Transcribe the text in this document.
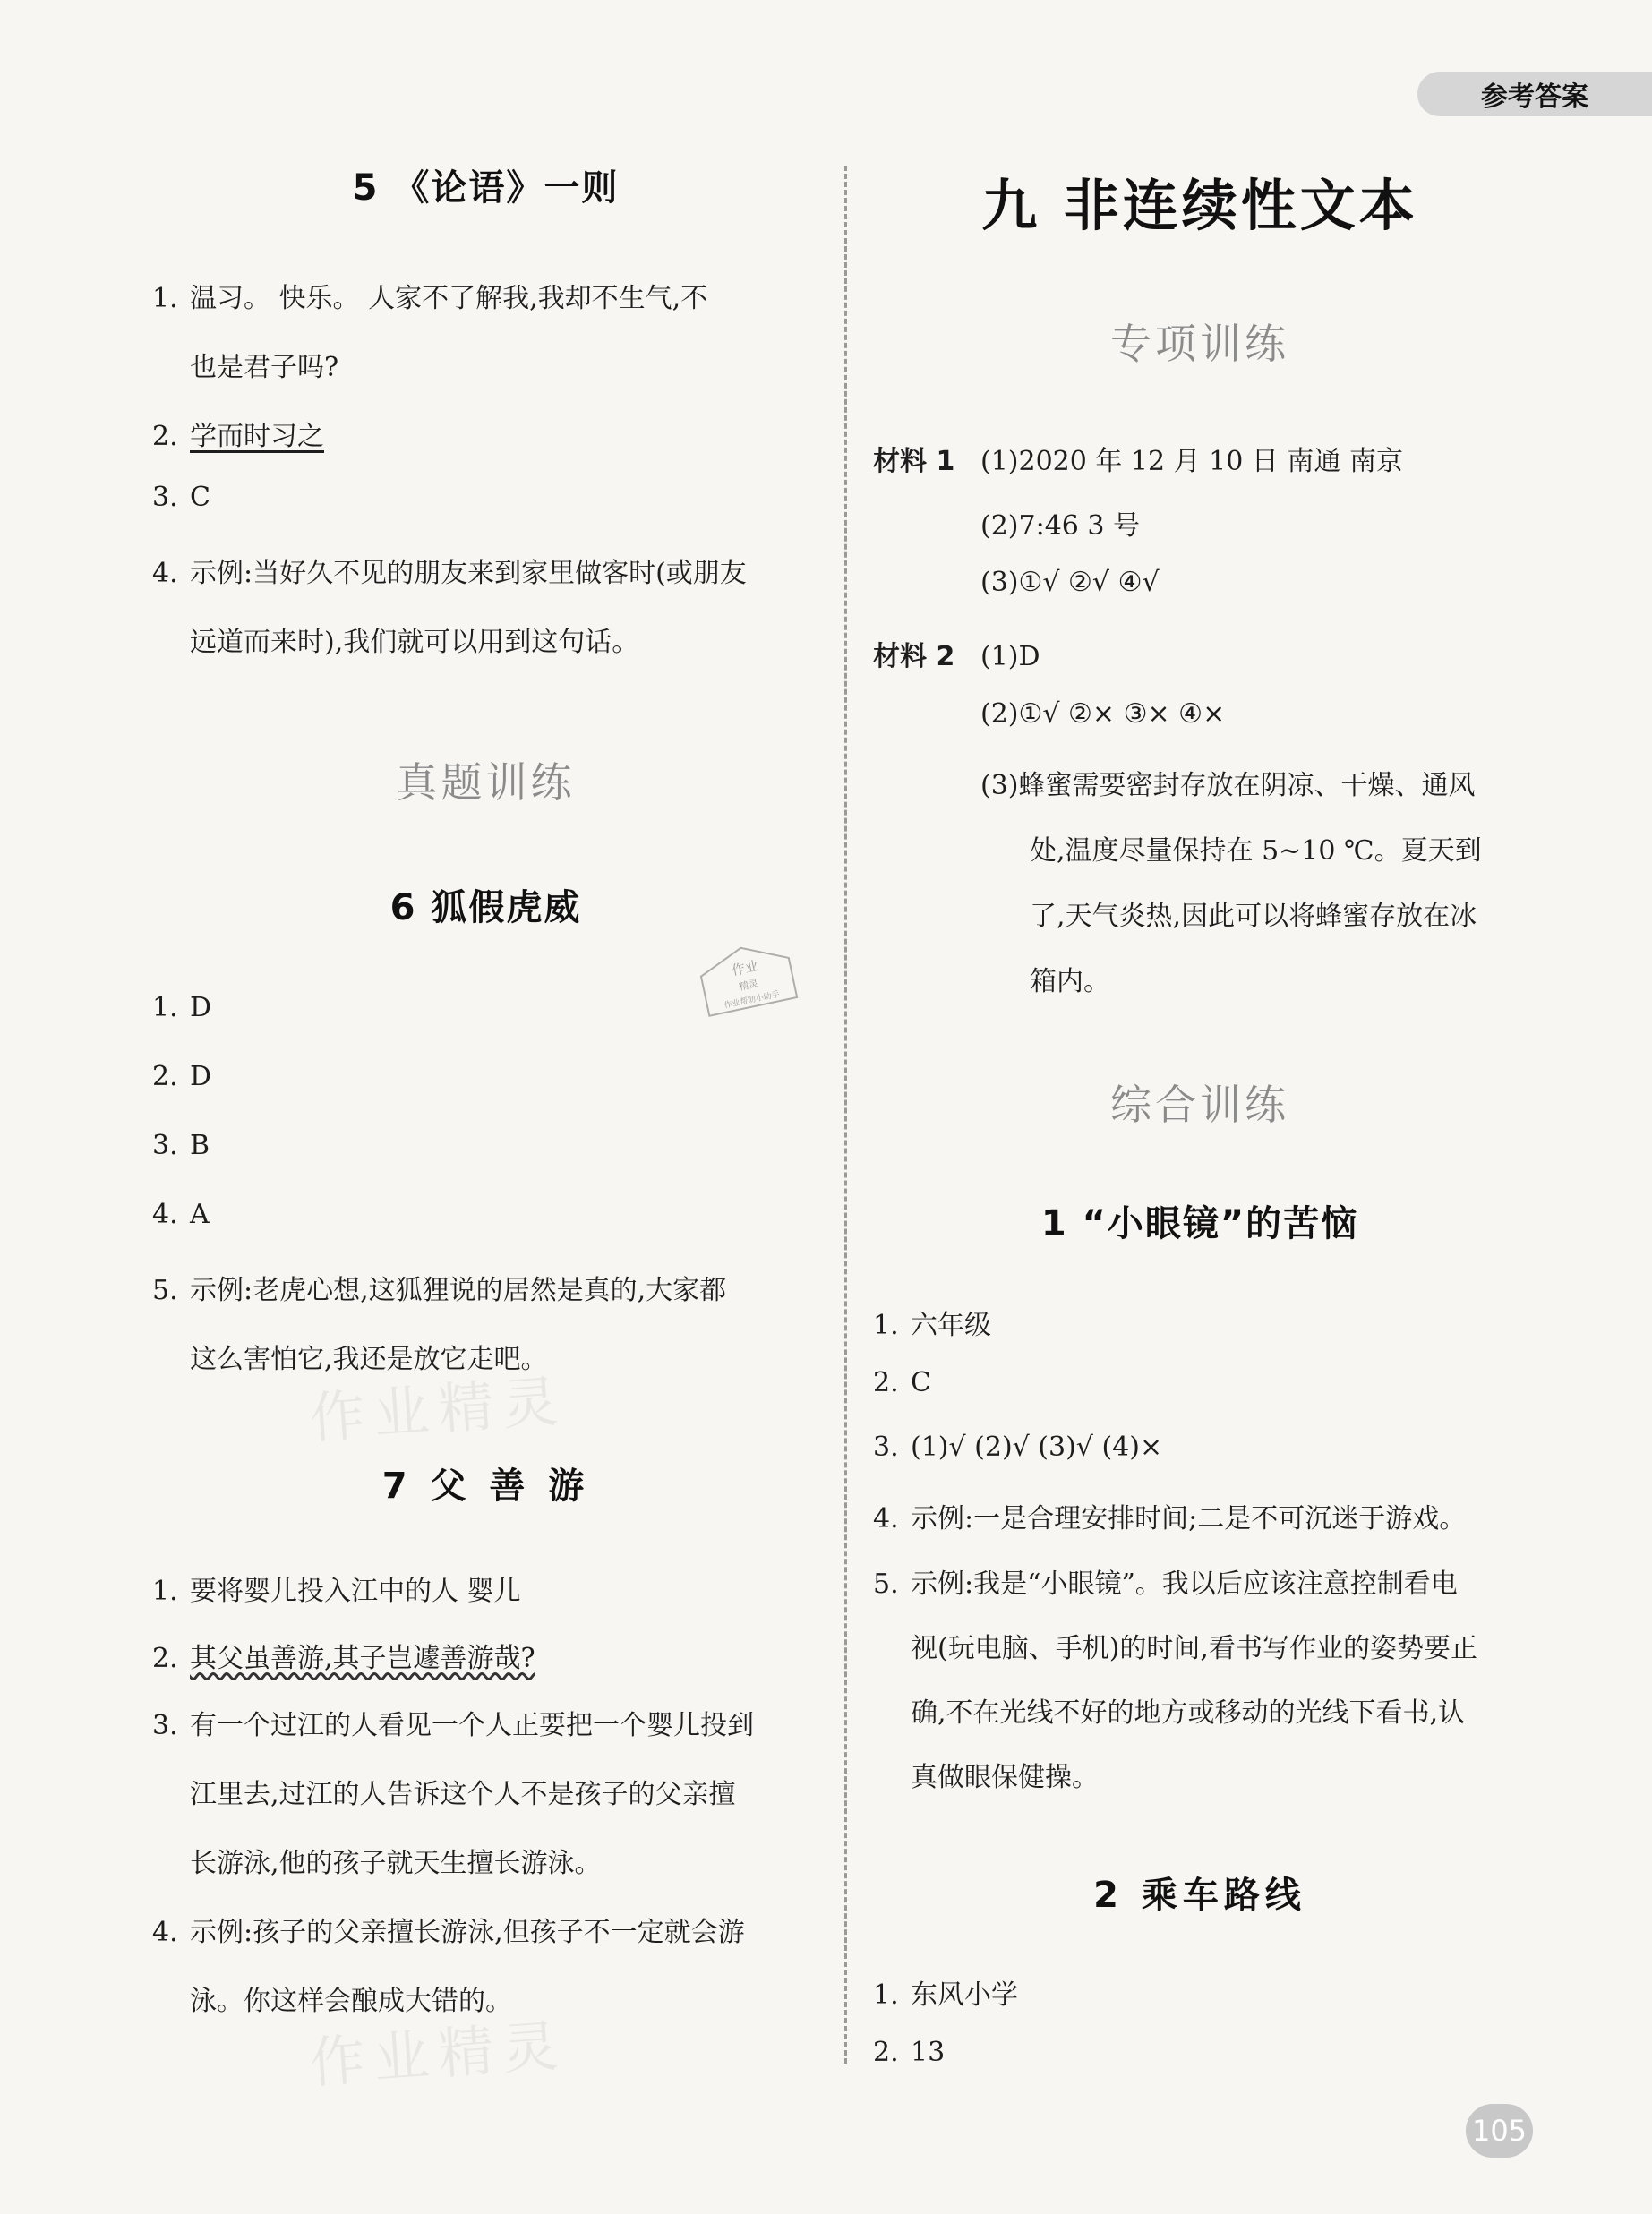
参考答案
5 《论语》一则
1. 温习。 快乐。 人家不了解我,我却不生气,不
也是君子吗?
2. 学而时习之
3. C
4. 示例:当好久不见的朋友来到家里做客时(或朋友
远道而来时),我们就可以用到这句话。
真题训练
6 狐假虎威
1. D
2. D
3. B
4. A
5. 示例:老虎心想,这狐狸说的居然是真的,大家都
这么害怕它,我还是放它走吧。
7 父 善 游
1. 要将婴儿投入江中的人 婴儿
2. 其父虽善游,其子岂遽善游哉?
3. 有一个过江的人看见一个人正要把一个婴儿投到
江里去,过江的人告诉这个人不是孩子的父亲擅
长游泳,他的孩子就天生擅长游泳。
4. 示例:孩子的父亲擅长游泳,但孩子不一定就会游
泳。你这样会酿成大错的。
九 非连续性文本
专项训练
材料 1 (1)2020 年 12 月 10 日 南通 南京
(2)7:46 3 号
(3)①√ ②√ ④√
材料 2 (1)D
(2)①√ ②× ③× ④×
(3)蜂蜜需要密封存放在阴凉、干燥、通风
处,温度尽量保持在 5~10 ℃。夏天到
了,天气炎热,因此可以将蜂蜜存放在冰
箱内。
综合训练
1 “小眼镜”的苦恼
1. 六年级
2. C
3. (1)√ (2)√ (3)√ (4)×
4. 示例:一是合理安排时间;二是不可沉迷于游戏。
5. 示例:我是“小眼镜”。我以后应该注意控制看电
视(玩电脑、手机)的时间,看书写作业的姿势要正
确,不在光线不好的地方或移动的光线下看书,认
真做眼保健操。
2 乘车路线
1. 东风小学
2. 13
作业精灵
作业精灵
作业
精灵
作业帮助小助手
105
